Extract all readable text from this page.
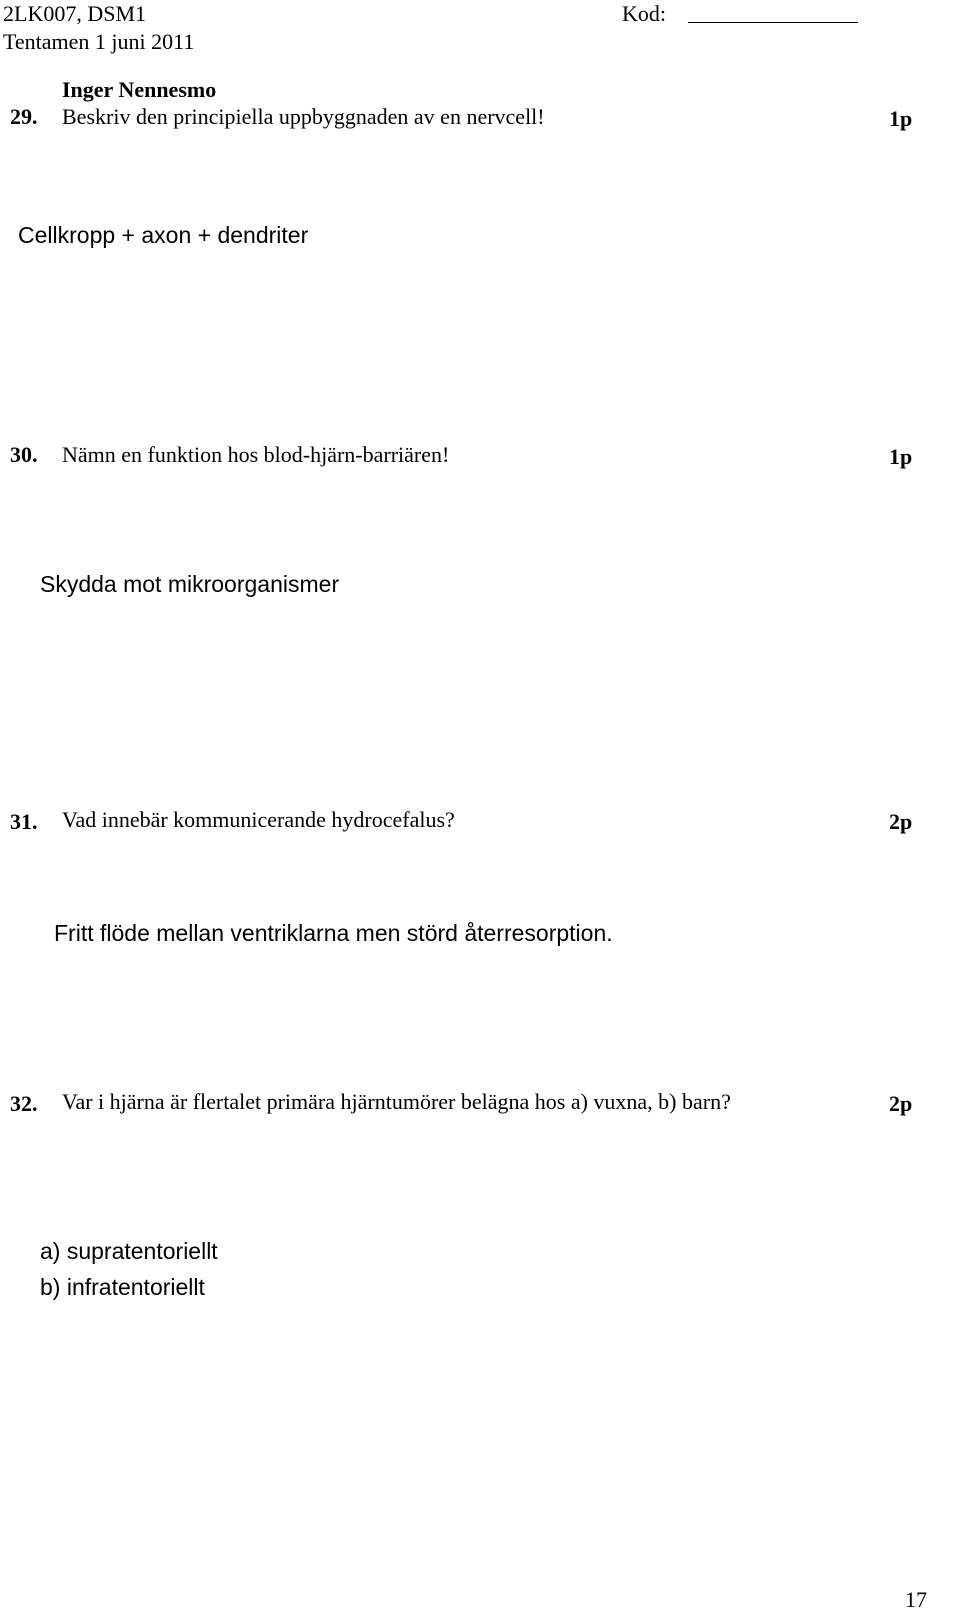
2LK007, DSM1
Tentamen 1 juni 2011
Kod:
Inger Nennesmo
29. Beskriv den principiella uppbyggnaden av en nervcell!	1p
Cellkropp + axon + dendriter
30. Nämn en funktion hos blod-hjärn-barriären!	1p
Skydda mot mikroorganismer
31. Vad innebär kommunicerande hydrocefalus?	2p
Fritt flöde mellan ventriklarna men störd återresorption.
32. Var i hjärna är flertalet primära hjärntumörer belägna hos a) vuxna, b) barn?	2p
a) supratentoriellt
b) infratentoriellt
17
